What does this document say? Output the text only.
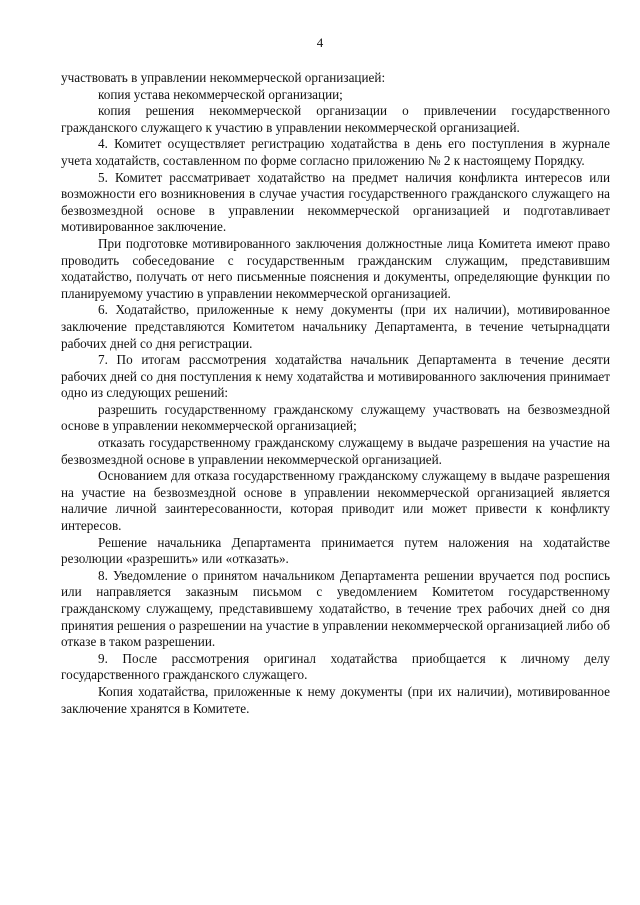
4

участвовать в управлении некоммерческой организацией:

копия устава некоммерческой организации;

копия решения некоммерческой организации о привлечении государственного гражданского служащего к участию в управлении некоммерческой организацией.

4. Комитет осуществляет регистрацию ходатайства в день его поступления в журнале учета ходатайств, составленном по форме согласно приложению № 2 к настоящему Порядку.

5. Комитет рассматривает ходатайство на предмет наличия конфликта интересов или возможности его возникновения в случае участия государственного гражданского служащего на безвозмездной основе в управлении некоммерческой организацией и подготавливает мотивированное заключение.

При подготовке мотивированного заключения должностные лица Комитета имеют право проводить собеседование с государственным гражданским служащим, представившим ходатайство, получать от него письменные пояснения и документы, определяющие функции по планируемому участию в управлении некоммерческой организацией.

6. Ходатайство, приложенные к нему документы (при их наличии), мотивированное заключение представляются Комитетом начальнику Департамента, в течение четырнадцати рабочих дней со дня регистрации.

7. По итогам рассмотрения ходатайства начальник Департамента в течение десяти рабочих дней со дня поступления к нему ходатайства и мотивированного заключения принимает одно из следующих решений:

разрешить государственному гражданскому служащему участвовать на безвозмездной основе в управлении некоммерческой организацией;

отказать государственному гражданскому служащему в выдаче разрешения на участие на безвозмездной основе в управлении некоммерческой организацией.

Основанием для отказа государственному гражданскому служащему в выдаче разрешения на участие на безвозмездной основе в управлении некоммерческой организацией является наличие личной заинтересованности, которая приводит или может привести к конфликту интересов.

Решение начальника Департамента принимается путем наложения на ходатайстве резолюции «разрешить» или «отказать».

8. Уведомление о принятом начальником Департамента решении вручается под роспись или направляется заказным письмом с уведомлением Комитетом государственному гражданскому служащему, представившему ходатайство, в течение трех рабочих дней со дня принятия решения о разрешении на участие в управлении некоммерческой организацией либо об отказе в таком разрешении.

9. После рассмотрения оригинал ходатайства приобщается к личному делу государственного гражданского служащего.

Копия ходатайства, приложенные к нему документы (при их наличии), мотивированное заключение хранятся в Комитете.
